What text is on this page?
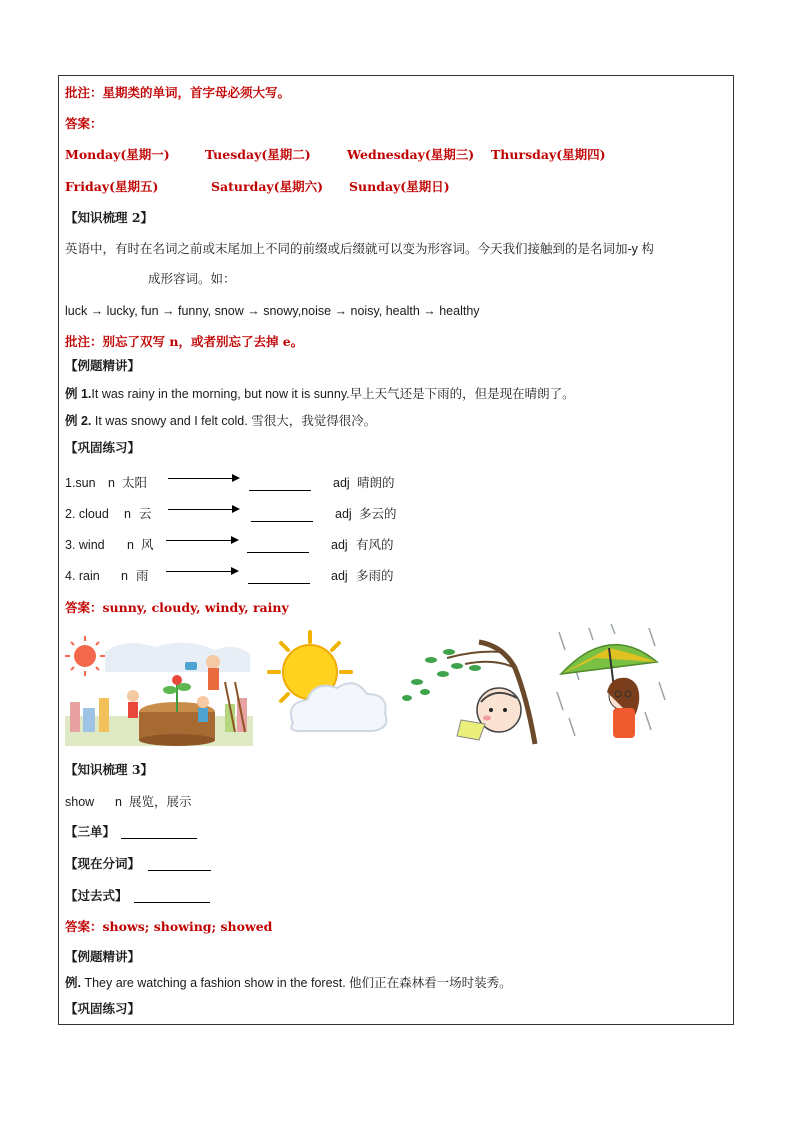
批注：星期类的单词，首字母必须大写。
答案：
Monday(星期一)	Tuesday(星期二)	Wednesday(星期三) Thursday(星期四)
Friday(星期五)	Saturday(星期六) Sunday(星期日)
【知识梳理 2】
英语中，有时在名词之前或末尾加上不同的前缀或后缀就可以变为形容词。今天我们接触到的是名词加-y 构
成形容词。如：
luck → lucky, fun → funny, snow → snowy,noise → noisy, health → healthy
批注：别忘了双写 n，或者别忘了去掉 e。
【例题精讲】
例 1.It was rainy in the morning, but now it is sunny.早上天气还是下雨的，但是现在晴朗了。
例 2. It was snowy and I felt cold. 雪很大，我觉得很冷。
【巩固练习】
1.sun n 太阳	adj 晴朗的
2. cloud n 云	adj 多云的
3. wind n 风	adj 有风的
4. rain n 雨	adj 多雨的
答案：sunny, cloudy, windy, rainy
【知识梳理 3】
show n 展览，展示
【三单】
【现在分词】
【过去式】
答案：shows; showing; showed
【例题精讲】
例. They are watching a fashion show in the forest. 他们正在森林看一场时装秀。
【巩固练习】
